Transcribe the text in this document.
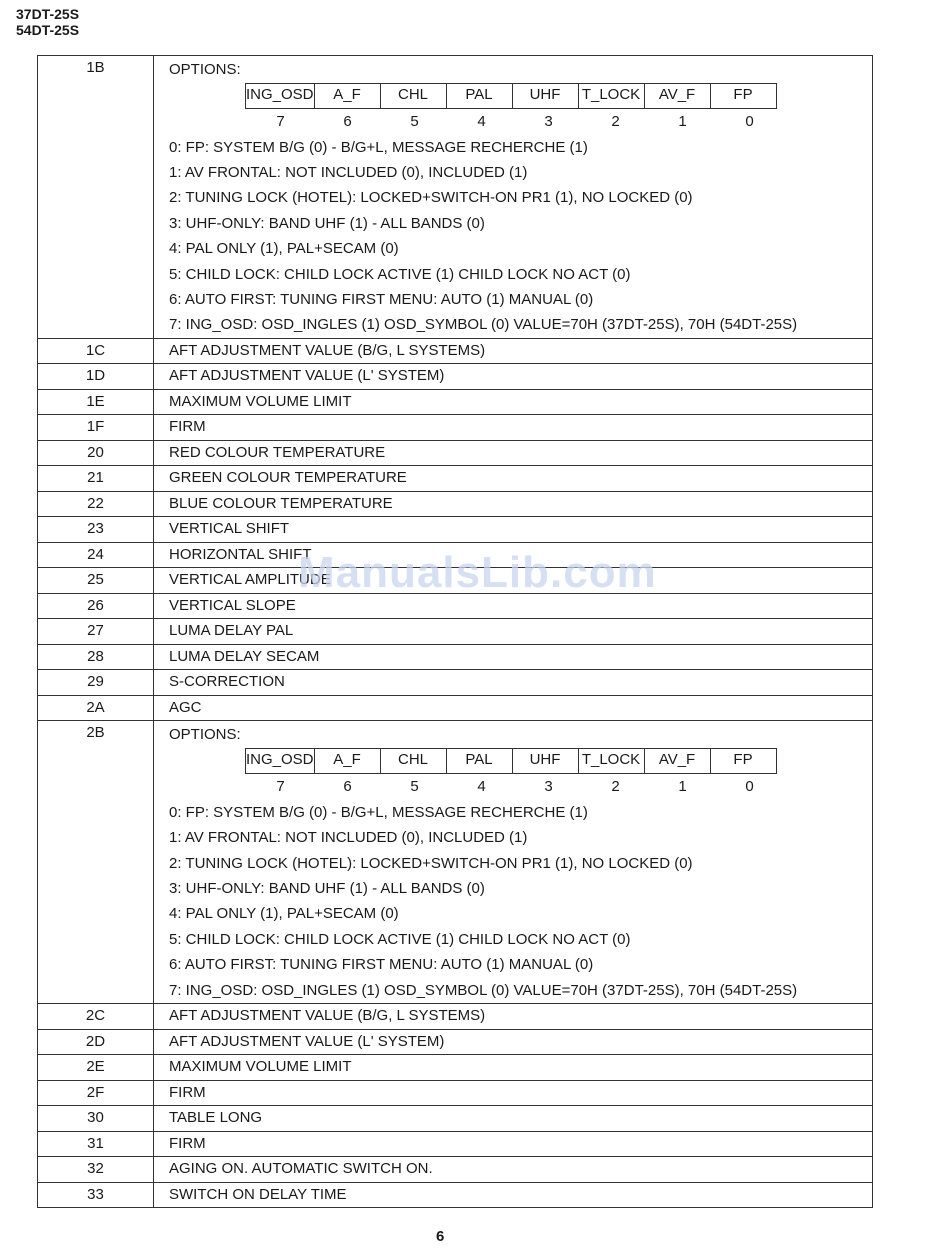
37DT-25S
54DT-25S
1B	OPTIONS:
ING_OSD	A_F	CHL	PAL	UHF	T_LOCK	AV_F	FP
7	6	5	4	3	2	1	0
0: FP: SYSTEM B/G (0) - B/G+L, MESSAGE RECHERCHE (1)
1: AV FRONTAL: NOT INCLUDED (0), INCLUDED (1)
2: TUNING LOCK (HOTEL): LOCKED+SWITCH-ON PR1 (1), NO LOCKED (0)
3: UHF-ONLY: BAND UHF (1) - ALL BANDS (0)
4: PAL ONLY (1), PAL+SECAM (0)
5: CHILD LOCK: CHILD LOCK ACTIVE (1) CHILD LOCK NO ACT (0)
6: AUTO FIRST: TUNING FIRST MENU: AUTO (1) MANUAL (0)
7: ING_OSD: OSD_INGLES (1) OSD_SYMBOL (0) VALUE=70H (37DT-25S), 70H (54DT-25S)

1C	AFT ADJUSTMENT VALUE (B/G, L SYSTEMS)
1D	AFT ADJUSTMENT VALUE (L' SYSTEM)
1E	MAXIMUM VOLUME LIMIT
1F	FIRM
20	RED COLOUR TEMPERATURE
21	GREEN COLOUR TEMPERATURE
22	BLUE COLOUR TEMPERATURE
23	VERTICAL SHIFT
24	HORIZONTAL SHIFT
25	VERTICAL AMPLITUDE
26	VERTICAL SLOPE
27	LUMA DELAY PAL
28	LUMA DELAY SECAM
29	S-CORRECTION
2A	AGC
2B	OPTIONS:
ING_OSD	A_F	CHL	PAL	UHF	T_LOCK	AV_F	FP
7	6	5	4	3	2	1	0
0: FP: SYSTEM B/G (0) - B/G+L, MESSAGE RECHERCHE (1)
1: AV FRONTAL: NOT INCLUDED (0), INCLUDED (1)
2: TUNING LOCK (HOTEL): LOCKED+SWITCH-ON PR1 (1), NO LOCKED (0)
3: UHF-ONLY: BAND UHF (1) - ALL BANDS (0)
4: PAL ONLY (1), PAL+SECAM (0)
5: CHILD LOCK: CHILD LOCK ACTIVE (1) CHILD LOCK NO ACT (0)
6: AUTO FIRST: TUNING FIRST MENU: AUTO (1) MANUAL (0)
7: ING_OSD: OSD_INGLES (1) OSD_SYMBOL (0) VALUE=70H (37DT-25S), 70H (54DT-25S)

2C	AFT ADJUSTMENT VALUE (B/G, L SYSTEMS)
2D	AFT ADJUSTMENT VALUE (L' SYSTEM)
2E	MAXIMUM VOLUME LIMIT
2F	FIRM
30	TABLE LONG
31	FIRM
32	AGING ON. AUTOMATIC SWITCH ON.
33	SWITCH ON DELAY TIME
ManualsLib.com
6
